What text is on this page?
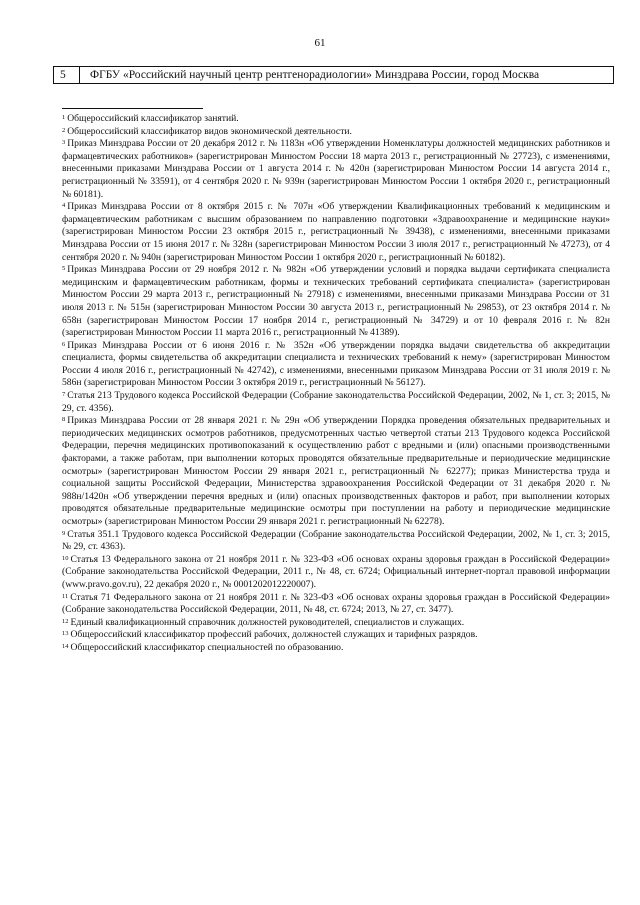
61
5	ФГБУ «Российский научный центр рентгенорадиологии» Минздрава России, город Москва

$^1$ Общероссийский классификатор занятий.

$^2$ Общероссийский классификатор видов экономической деятельности.

$^3$ Приказ Минздрава России от 20 декабря 2012 г. № 1183н «Об утверждении Номенклатуры должностей медицинских работников и фармацевтических работников» (зарегистрирован Минюстом России 18 марта 2013 г., регистрационный № 27723), с изменениями, внесенными приказами Минздрава России от 1 августа 2014 г. № 420н (зарегистрирован Минюстом России 14 августа 2014 г., регистрационный № 33591), от 4 сентября 2020 г. № 939н (зарегистрирован Минюстом России 1 октября 2020 г., регистрационный № 60181).

$^4$ Приказ Минздрава России от 8 октября 2015 г. № 707н «Об утверждении Квалификационных требований к медицинским и фармацевтическим работникам с высшим образованием по направлению подготовки «Здравоохранение и медицинские науки» (зарегистрирован Минюстом России 23 октября 2015 г., регистрационный № 39438), с изменениями, внесенными приказами Минздрава России от 15 июня 2017 г. № 328н (зарегистрирован Минюстом России 3 июля 2017 г., регистрационный № 47273), от 4 сентября 2020 г. № 940н (зарегистрирован Минюстом России 1 октября 2020 г., регистрационный № 60182).

$^5$ Приказ Минздрава России от 29 ноября 2012 г. № 982н «Об утверждении условий и порядка выдачи сертификата специалиста медицинским и фармацевтическим работникам, формы и технических требований сертификата специалиста» (зарегистрирован Минюстом России 29 марта 2013 г., регистрационный № 27918) с изменениями, внесенными приказами Минздрава России от 31 июля 2013 г. № 515н (зарегистрирован Минюстом России 30 августа 2013 г., регистрационный № 29853), от 23 октября 2014 г. № 658н (зарегистрирован Минюстом России 17 ноября 2014 г., регистрационный № 34729) и от 10 февраля 2016 г. № 82н (зарегистрирован Минюстом России 11 марта 2016 г., регистрационный № 41389).

$^6$ Приказ Минздрава России от 6 июня 2016 г. № 352н «Об утверждении порядка выдачи свидетельства об аккредитации специалиста, формы свидетельства об аккредитации специалиста и технических требований к нему» (зарегистрирован Минюстом России 4 июля 2016 г., регистрационный № 42742), с изменениями, внесенными приказом Минздрава России от 31 июля 2019 г. № 586н (зарегистрирован Минюстом России 3 октября 2019 г., регистрационный № 56127).

$^7$ Статья 213 Трудового кодекса Российской Федерации (Собрание законодательства Российской Федерации, 2002, № 1, ст. 3; 2015, № 29, ст. 4356).

$^8$ Приказ Минздрава России от 28 января 2021 г. № 29н «Об утверждении Порядка проведения обязательных предварительных и периодических медицинских осмотров работников, предусмотренных частью четвертой статьи 213 Трудового кодекса Российской Федерации, перечня медицинских противопоказаний к осуществлению работ с вредными и (или) опасными производственными факторами, а также работам, при выполнении которых проводятся обязательные предварительные и периодические медицинские осмотры» (зарегистрирован Минюстом России 29 января 2021 г., регистрационный № 62277); приказ Министерства труда и социальной защиты Российской Федерации, Министерства здравоохранения Российской Федерации от 31 декабря 2020 г. № 988н/1420н «Об утверждении перечня вредных и (или) опасных производственных факторов и работ, при выполнении которых проводятся обязательные предварительные медицинские осмотры при поступлении на работу и периодические медицинские осмотры» (зарегистрирован Минюстом России 29 января 2021 г. регистрационный № 62278).

$^9$ Статья 351.1 Трудового кодекса Российской Федерации (Собрание законодательства Российской Федерации, 2002, № 1, ст. 3; 2015, № 29, ст. 4363).

$^{10}$ Статья 13 Федерального закона от 21 ноября 2011 г. № 323-ФЗ «Об основах охраны здоровья граждан в Российской Федерации» (Собрание законодательства Российской Федерации, 2011 г., № 48, ст. 6724; Официальный интернет-портал правовой информации (www.pravo.gov.ru), 22 декабря 2020 г., № 0001202012220007).

$^{11}$ Статья 71 Федерального закона от 21 ноября 2011 г. № 323-ФЗ «Об основах охраны здоровья граждан в Российской Федерации» (Собрание законодательства Российской Федерации, 2011, № 48, ст. 6724; 2013, № 27, ст. 3477).

$^{12}$ Единый квалификационный справочник должностей руководителей, специалистов и служащих.

$^{13}$ Общероссийский классификатор профессий рабочих, должностей служащих и тарифных разрядов.

$^{14}$ Общероссийский классификатор специальностей по образованию.
